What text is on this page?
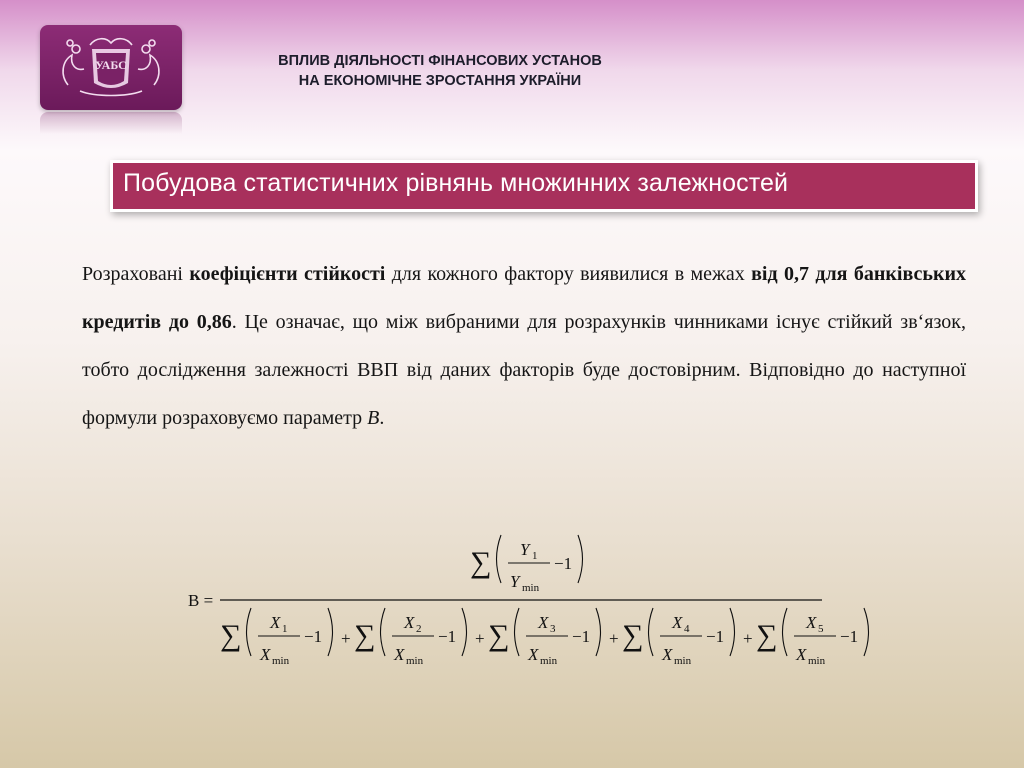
УАБС	ВПЛИВ ДІЯЛЬНОСТІ ФІНАНСОВИХ УСТАНОВ
НА ЕКОНОМІЧНЕ ЗРОСТАННЯ УКРАЇНИ
Побудова статистичних рівнянь множинних залежностей
Розраховані коефіцієнти стійкості для кожного фактору виявилися в межах від 0,7 для банківських кредитів до 0,86. Це означає, що між вибраними для розрахунків чинниками існує стійкий зв‘язок, тобто дослідження залежності ВВП від даних факторів буде достовірним. Відповідно до наступної формули розраховуємо параметр B.
∑ Y 1
Y min
−1
B =
∑ X 1
X min
−1 + ∑ X 2
X min
−1 + ∑ X 3
X min
−1 + ∑ X 4
X min
−1 + ∑ X 5
X min
−1
